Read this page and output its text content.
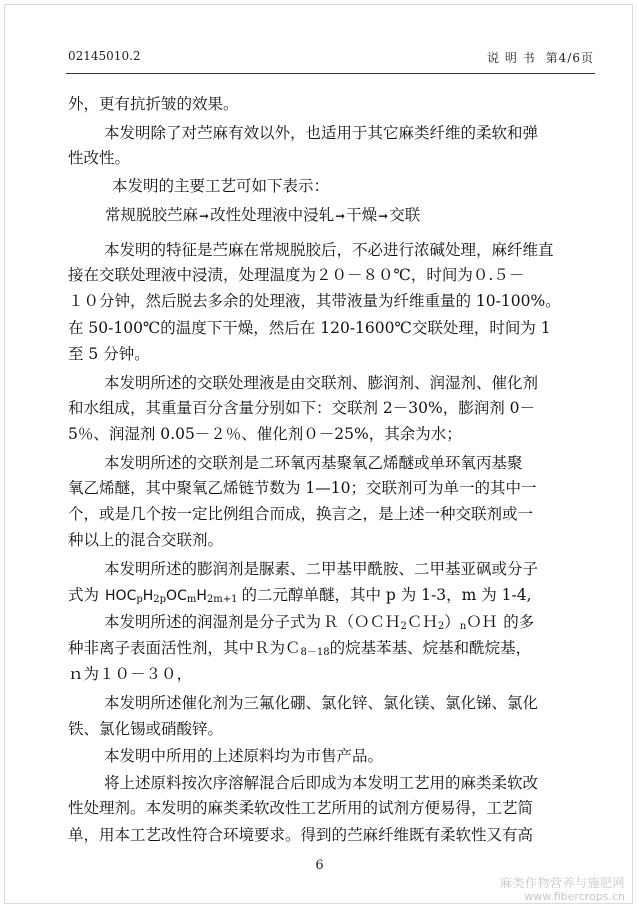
02145010.2	说 明 书 第4/6页
外，更有抗折皱的效果。
本发明除了对苎麻有效以外，也适用于其它麻类纤维的柔软和弹
性改性。
本发明的主要工艺可如下表示：
常规脱胶苎麻➞改性处理液中浸轧➞干燥➞交联
本发明的特征是苎麻在常规脱胶后，不必进行浓碱处理，麻纤维直
接在交联处理液中浸渍，处理温度为２０－８０℃，时间为０.５－
１０分钟，然后脱去多余的处理液，其带液量为纤维重量的 10-100%。
在 50-100℃的温度下干燥，然后在 120-1600℃交联处理，时间为 1
至 5 分钟。
本发明所述的交联处理液是由交联剂、膨润剂、润湿剂、催化剂
和水组成，其重量百分含量分别如下：交联剂 2－30%，膨润剂 0－
5％、润湿剂 0.05－２％、催化剂０－25%，其余为水；
本发明所述的交联剂是二环氧丙基聚氧乙烯醚或单环氧丙基聚
氧乙烯醚，其中聚氧乙烯链节数为 1—10；交联剂可为单一的其中一
个，或是几个按一定比例组合而成，换言之，是上述一种交联剂或一
种以上的混合交联剂。
本发明所述的膨润剂是脲素、二甲基甲酰胺、二甲基亚砜或分子
式为 $HOC_pH_{2p}OC_mH_{2m+1}$ 的二元醇单醚，其中 p 为 1-3，m 为 1-4,
本发明所述的润湿剂是分子式为 $R(OCH_2CH_2)_nOH$ 的多
种非离子表面活性剂，其中Ｒ为Ｃ$_{8-18}$的烷基苯基、烷基和酰烷基，
ｎ为１０－３０，
本发明所述催化剂为三氟化硼、氯化锌、氯化镁、氯化锑、氯化
铁、氯化锡或硝酸锌。
本发明中所用的上述原料均为市售产品。
将上述原料按次序溶解混合后即成为本发明工艺用的麻类柔软改
性处理剂。本发明的麻类柔软改性工艺所用的试剂方便易得，工艺简
单，用本工艺改性符合环境要求。得到的苎麻纤维既有柔软性又有高
6
麻类作物营养与施肥网
www.fibercrops.cn
